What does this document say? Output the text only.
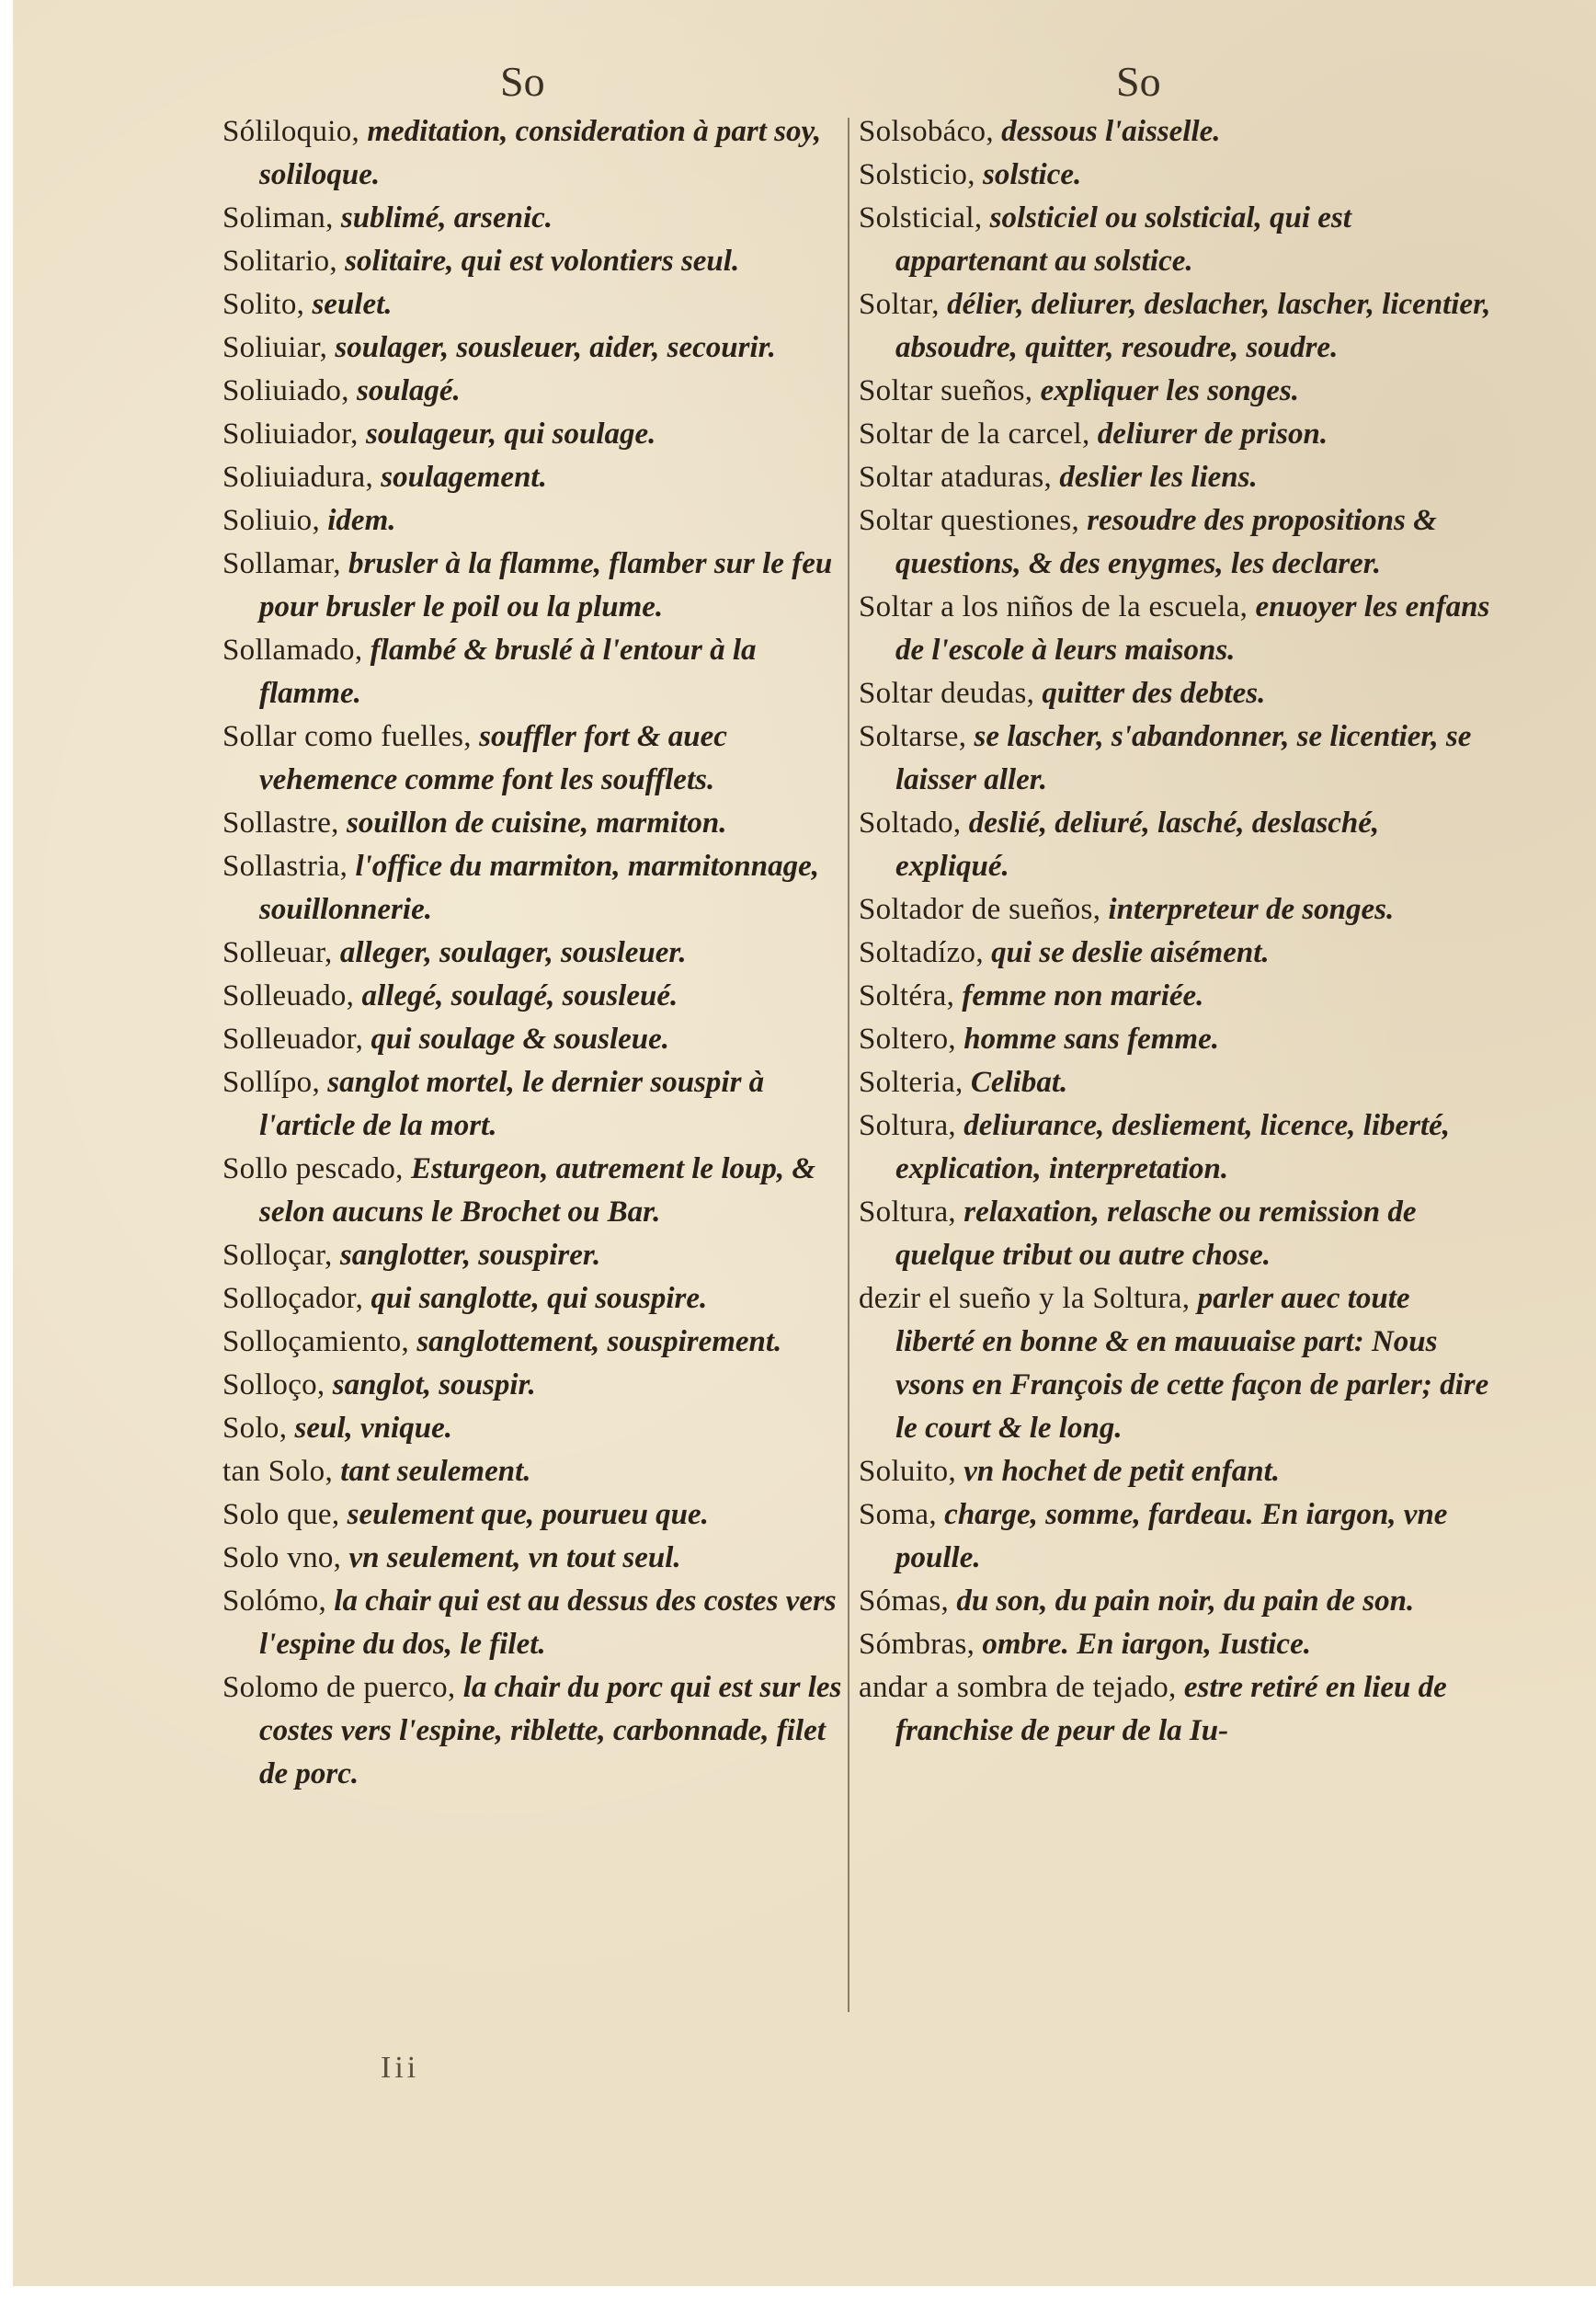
So	So

Sóliloquio, meditation, consideration à part soy, soliloque.

Soliman, sublimé, arsenic.

Solitario, solitaire, qui est volontiers seul.

Solito, seulet.

Soliuiar, soulager, sousleuer, aider, secourir.

Soliuiado, soulagé.

Soliuiador, soulageur, qui soulage.

Soliuiadura, soulagement.

Soliuio, idem.

Sollamar, brusler à la flamme, flamber sur le feu pour brusler le poil ou la plume.

Sollamado, flambé & bruslé à l'entour à la flamme.

Sollar como fuelles, souffler fort & auec vehemence comme font les soufflets.

Sollastre, souillon de cuisine, marmiton.

Sollastria, l'office du marmiton, marmitonnage, souillonnerie.

Solleuar, alleger, soulager, sousleuer.

Solleuado, allegé, soulagé, sousleué.

Solleuador, qui soulage & sousleue.

Sollípo, sanglot mortel, le dernier souspir à l'article de la mort.

Sollo pescado, Esturgeon, autrement le loup, & selon aucuns le Brochet ou Bar.

Solloçar, sanglotter, souspirer.

Solloçador, qui sanglotte, qui souspire.

Solloçamiento, sanglottement, souspirement.

Solloço, sanglot, souspir.

Solo, seul, vnique.

tan Solo, tant seulement.

Solo que, seulement que, pourueu que.

Solo vno, vn seulement, vn tout seul.

Solómo, la chair qui est au dessus des costes vers l'espine du dos, le filet.

Solomo de puerco, la chair du porc qui est sur les costes vers l'espine, riblette, carbonnade, filet de porc.

Solsobáco, dessous l'aisselle.

Solsticio, solstice.

Solsticial, solsticiel ou solsticial, qui est appartenant au solstice.

Soltar, délier, deliurer, deslacher, lascher, licentier, absoudre, quitter, resoudre, soudre.

Soltar sueños, expliquer les songes.

Soltar de la carcel, deliurer de prison.

Soltar ataduras, deslier les liens.

Soltar questiones, resoudre des propositions & questions, & des enygmes, les declarer.

Soltar a los niños de la escuela, enuoyer les enfans de l'escole à leurs maisons.

Soltar deudas, quitter des debtes.

Soltarse, se lascher, s'abandonner, se licentier, se laisser aller.

Soltado, deslié, deliuré, lasché, deslasché, expliqué.

Soltador de sueños, interpreteur de songes.

Soltadízo, qui se deslie aisément.

Soltéra, femme non mariée.

Soltero, homme sans femme.

Solteria, Celibat.

Soltura, deliurance, desliement, licence, liberté, explication, interpretation.

Soltura, relaxation, relasche ou remission de quelque tribut ou autre chose.

dezir el sueño y la Soltura, parler auec toute liberté en bonne & en mauuaise part: Nous vsons en François de cette façon de parler; dire le court & le long.

Soluito, vn hochet de petit enfant.

Soma, charge, somme, fardeau. En iargon, vne poulle.

Sómas, du son, du pain noir, du pain de son.

Sómbras, ombre. En iargon, Iustice.

andar a sombra de tejado, estre retiré en lieu de franchise de peur de la Iu-

Iii
